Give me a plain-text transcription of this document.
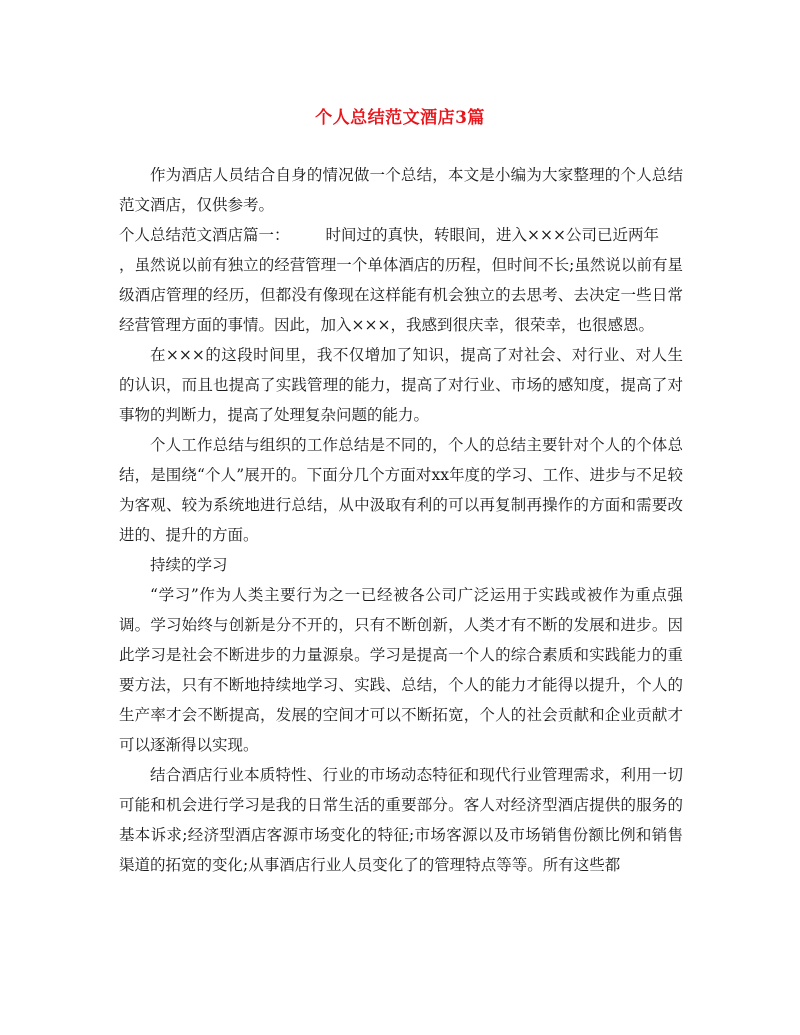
个人总结范文酒店3篇

作为酒店人员结合自身的情况做一个总结，本文是小编为大家整理的个人总结范文酒店，仅供参考。

个人总结范文酒店篇一： 时间过的真快，转眼间，进入×××公司已近两年

，虽然说以前有独立的经营管理一个单体酒店的历程，但时间不长;虽然说以前有星级酒店管理的经历，但都没有像现在这样能有机会独立的去思考、去决定一些日常经营管理方面的事情。因此，加入×××，我感到很庆幸，很荣幸，也很感恩。

在×××的这段时间里，我不仅增加了知识，提高了对社会、对行业、对人生的认识，而且也提高了实践管理的能力，提高了对行业、市场的感知度，提高了对事物的判断力，提高了处理复杂问题的能力。

个人工作总结与组织的工作总结是不同的，个人的总结主要针对个人的个体总结，是围绕“个人”展开的。下面分几个方面对xx年度的学习、工作、进步与不足较为客观、较为系统地进行总结，从中汲取有利的可以再复制再操作的方面和需要改进的、提升的方面。

持续的学习

“学习”作为人类主要行为之一已经被各公司广泛运用于实践或被作为重点强调。学习始终与创新是分不开的，只有不断创新，人类才有不断的发展和进步。因此学习是社会不断进步的力量源泉。学习是提高一个人的综合素质和实践能力的重要方法，只有不断地持续地学习、实践、总结，个人的能力才能得以提升，个人的生产率才会不断提高，发展的空间才可以不断拓宽，个人的社会贡献和企业贡献才可以逐渐得以实现。

结合酒店行业本质特性、行业的市场动态特征和现代行业管理需求，利用一切可能和机会进行学习是我的日常生活的重要部分。客人对经济型酒店提供的服务的基本诉求;经济型酒店客源市场变化的特征;市场客源以及市场销售份额比例和销售渠道的拓宽的变化;从事酒店行业人员变化了的管理特点等等。所有这些都
